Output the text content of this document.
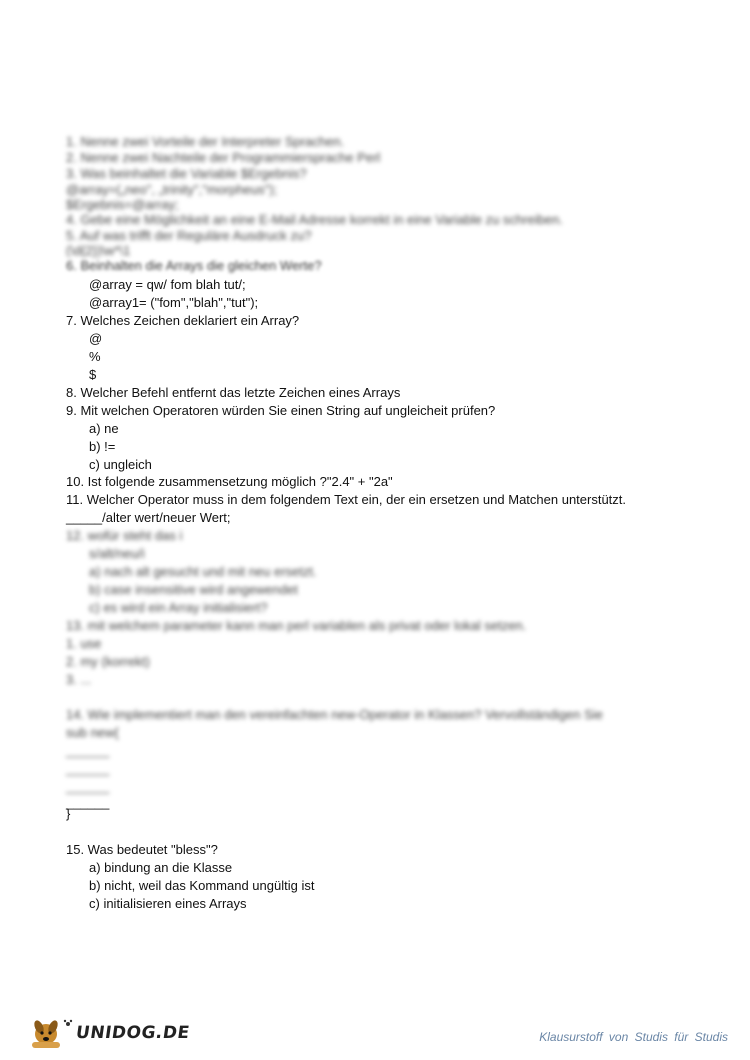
1. Nenne zwei Vorteile der Interpreter Sprachen.
2. Nenne zwei Nachteile der Programmiersprache Perl
3. Was beinhaltet die Variable $Ergebnis?
@array=(„neo", „trinity","morpheus");
$Ergebnis=@array;
4. Gebe eine Möglichkeit an eine E-Mail Adresse korrekt in eine Variable zu schreiben.
5. Auf was trifft der Reguläre Ausdruck zu?
(\d{2})\w*\1
6. Beinhalten die Arrays die gleichen Werte?
@array = qw/ fom blah tut/;
@array1= ("fom","blah","tut");
7. Welches Zeichen deklariert ein Array?
@
%
$
8. Welcher Befehl entfernt das letzte Zeichen eines Arrays
9. Mit welchen Operatoren würden Sie einen String auf ungleicheit prüfen?
a) ne
b) !=
c) ungleich
10. Ist folgende zusammensetzung möglich ?"2.4" + "2a"
11. Welcher Operator muss in dem folgendem Text ein, der ein ersetzen und Matchen unterstützt.
_____/alter wert/neuer Wert;
12. wofür steht das i
s/alt/neu/i
a) nach alt gesucht und mit neu ersetzt.
b) case insensitive wird angewendet
c) es wird ein Array initialisiert?
13. mit welchem parameter kann man perl variablen als privat oder lokal setzen.
1. use
2. my (korrekt)
3. ...
14. Wie implementiert man den vereinfachten new-Operator in Klassen? Vervollständigen Sie
sub new{
______
______
______
______
}
15. Was bedeutet "bless"?
a) bindung an die Klasse
b) nicht, weil das Kommand ungültig ist
c) initialisieren eines Arrays
UNIDOG.DE	Klausurstoff von Studis für Studis
